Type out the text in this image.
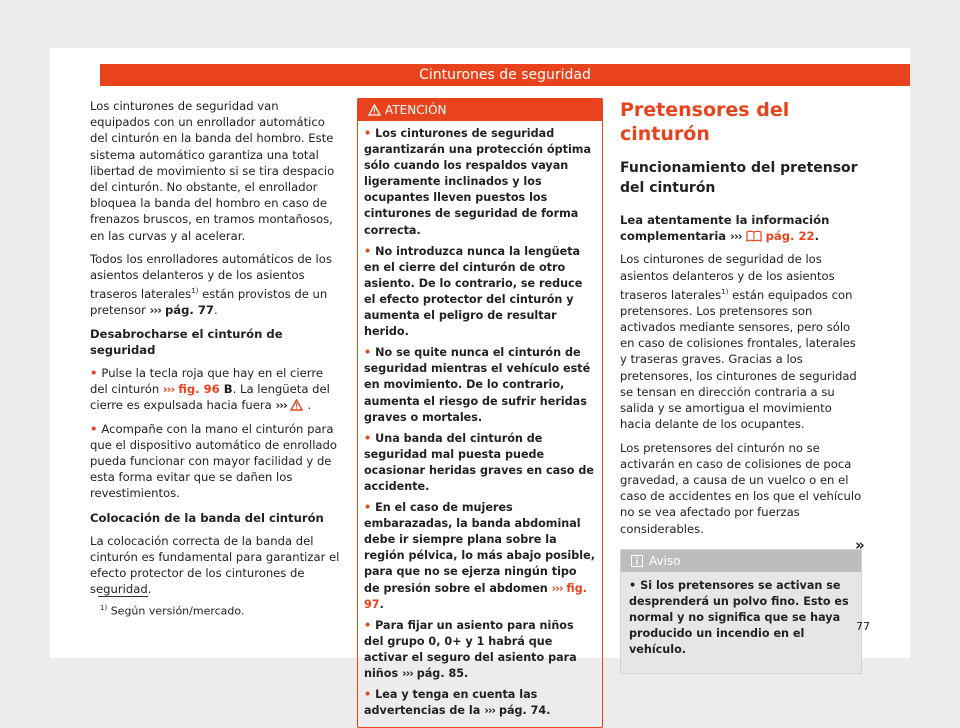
Cinturones de seguridad

Los cinturones de seguridad van equipados con un enrollador automático del cinturón en la banda del hombro. Este sistema automático garantiza una total libertad de movimiento si se tira despacio del cinturón. No obstante, el enrollador bloquea la banda del hombro en caso de frenazos bruscos, en tramos montañosos, en las curvas y al acelerar.

Todos los enrolladores automáticos de los asientos delanteros y de los asientos traseros laterales$^{1)}$ están provistos de un pretensor ››› pág. 77.

Desabrocharse el cinturón de seguridad

• Pulse la tecla roja que hay en el cierre del cinturón ››› fig. 96 B. La lengüeta del cierre es expulsada hacia fuera ››› .

• Acompañe con la mano el cinturón para que el dispositivo automático de enrollado pueda funcionar con mayor facilidad y de esta forma evitar que se dañen los revestimientos.

Colocación de la banda del cinturón

La colocación correcta de la banda del cinturón es fundamental para garantizar el efecto protector de los cinturones de seguridad.

ATENCIÓN

• Los cinturones de seguridad garantizarán una protección óptima sólo cuando los respaldos vayan ligeramente inclinados y los ocupantes lleven puestos los cinturones de seguridad de forma correcta.

• No introduzca nunca la lengüeta en el cierre del cinturón de otro asiento. De lo contrario, se reduce el efecto protector del cinturón y aumenta el peligro de resultar herido.

• No se quite nunca el cinturón de seguridad mientras el vehículo esté en movimiento. De lo contrario, aumenta el riesgo de sufrir heridas graves o mortales.

• Una banda del cinturón de seguridad mal puesta puede ocasionar heridas graves en caso de accidente.

• En el caso de mujeres embarazadas, la banda abdominal debe ir siempre plana sobre la región pélvica, lo más abajo posible, para que no se ejerza ningún tipo de presión sobre el abdomen ››› fig. 97.

• Para fijar un asiento para niños del grupo 0, 0+ y 1 habrá que activar el seguro del asiento para niños ››› pág. 85.

• Lea y tenga en cuenta las advertencias de la ››› pág. 74.

Pretensores del cinturón
Funcionamiento del pretensor del cinturón

Lea atentamente la información complementaria ›››  pág. 22.

Los cinturones de seguridad de los asientos delanteros y de los asientos traseros laterales$^{1)}$ están equipados con pretensores. Los pretensores son activados mediante sensores, pero sólo en caso de colisiones frontales, laterales y traseras graves. Gracias a los pretensores, los cinturones de seguridad se tensan en dirección contraria a su salida y se amortigua el movimiento hacia delante de los ocupantes.

Los pretensores del cinturón no se activarán en caso de colisiones de poca gravedad, a causa de un vuelco o en el caso de accidentes en los que el vehículo no se vea afectado por fuerzas considerables.

Aviso

• Si los pretensores se activan se desprenderá un polvo fino. Esto es normal y no significa que se haya producido un incendio en el vehículo.

»
$^{1)}$ Según versión/mercado.
77
